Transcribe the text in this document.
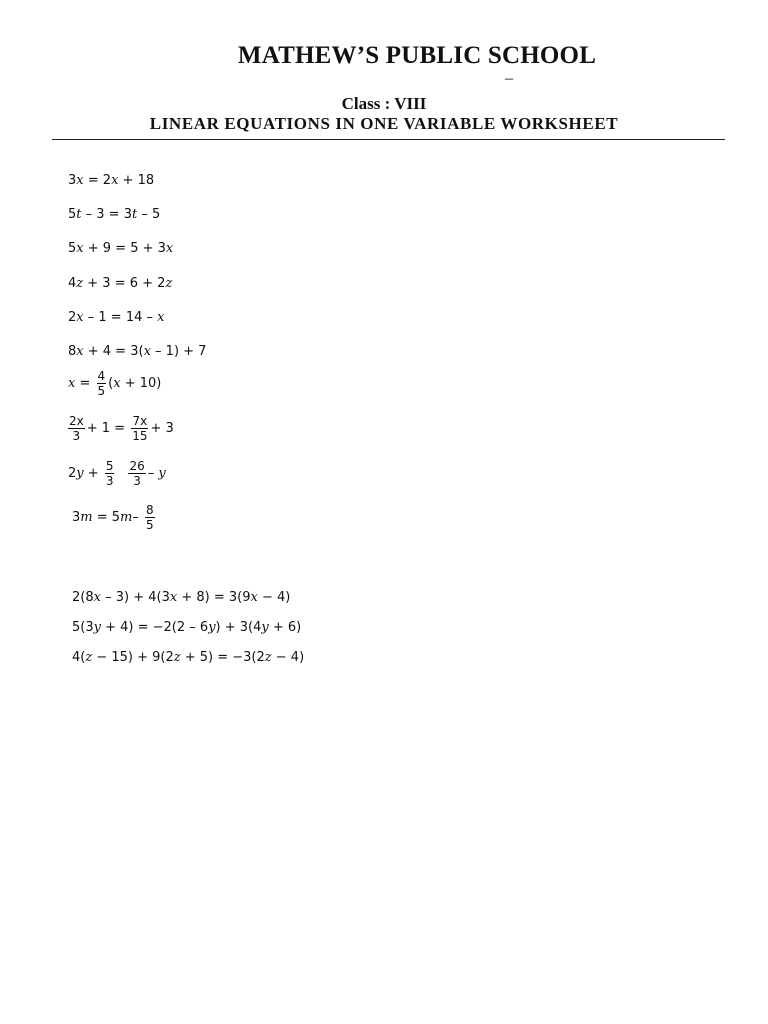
MATHEW’S PUBLIC SCHOOL
–
Class : VIII
LINEAR EQUATIONS IN ONE VARIABLE WORKSHEET
3x = 2x + 18
5t – 3 = 3t – 5
5x + 9 = 5 + 3x
4z + 3 = 6 + 2z
2x – 1 = 14 – x
8x + 4 = 3(x – 1) + 7
$x = \frac{4}{5} (x + 10)$
$\frac{2x}{3} + 1 = \frac{7x}{15} + 3$
$2y + \frac{5}{3} \frac{26}{3} - y$
$3m = 5m- \frac{8}{5}$
2(8x – 3) + 4(3x + 8) = 3(9x − 4)
5(3y + 4) = −2(2 – 6y) + 3(4y + 6)
4(z − 15) + 9(2z + 5) = −3(2z − 4)
